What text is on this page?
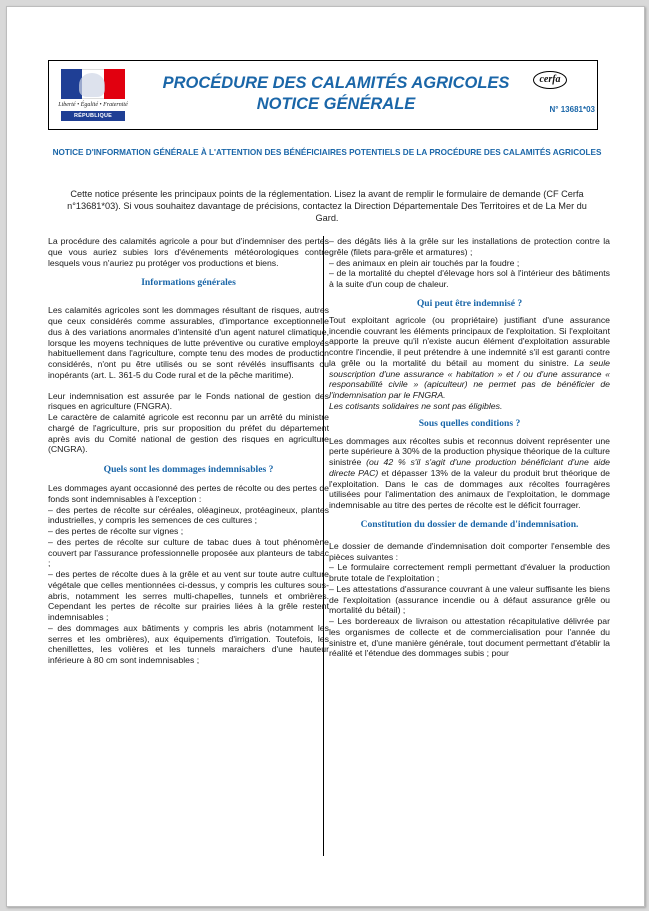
Liberté • Égalité • Fraternité
RÉPUBLIQUE FRANÇAISE
PROCÉDURE DES CALAMITÉS AGRICOLES
NOTICE GÉNÉRALE
cerfa
N° 13681*03
NOTICE D'INFORMATION GÉNÉRALE À L'ATTENTION DES BÉNÉFICIAIRES POTENTIELS DE LA PROCÉDURE DES CALAMITÉS AGRICOLES
Cette notice présente les principaux points de la réglementation. Lisez la avant de remplir le formulaire de demande (CF Cerfa n°13681*03). Si vous souhaitez davantage de précisions, contactez la Direction Départementale Des Territoires et de La Mer du Gard.

La procédure des calamités agricole a pour but d'indemniser des pertes que vous auriez subies lors d'événements météorologiques contre lesquels vous n'auriez pu protéger vos productions et biens.

Informations générales

Les calamités agricoles sont les dommages résultant de risques, autres que ceux considérés comme assurables, d'importance exceptionnelle dus à des variations anormales d'intensité d'un agent naturel climatique, lorsque les moyens techniques de lutte préventive ou curative employés habituellement dans l'agriculture, compte tenu des modes de production considérés, n'ont pu être utilisés ou se sont révélés insuffisants ou inopérants (art. L. 361-5 du Code rural et de la pêche maritime).

Leur indemnisation est assurée par le Fonds national de gestion des risques en agriculture (FNGRA).

Le caractère de calamité agricole est reconnu par un arrêté du ministre chargé de l'agriculture, pris sur proposition du préfet du département après avis du Comité national de gestion des risques en agriculture (CNGRA).

Quels sont les dommages indemnisables ?

Les dommages ayant occasionné des pertes de récolte ou des pertes de fonds sont indemnisables à l'exception :

– des pertes de récolte sur céréales, oléagineux, protéagineux, plantes industrielles, y compris les semences de ces cultures ;

– des pertes de récolte sur vignes ;

– des pertes de récolte sur culture de tabac dues à tout phénomène couvert par l'assurance professionnelle proposée aux planteurs de tabac ;

– des pertes de récolte dues à la grêle et au vent sur toute autre culture végétale que celles mentionnées ci-dessus, y compris les cultures sous-abris, notamment les serres multi-chapelles, tunnels et ombrières. Cependant les pertes de récolte sur prairies liées à la grêle restent indemnisables ;

– des dommages aux bâtiments y compris les abris (notamment les serres et les ombrières), aux équipements d'irrigation. Toutefois, les chenillettes, les volières et les tunnels maraichers d'une hauteur inférieure à 80 cm sont indemnisables ;

– des dégâts liés à la grêle sur les installations de protection contre la grêle (filets para-grêle et armatures) ;

– des animaux en plein air touchés par la foudre ;

– de la mortalité du cheptel d'élevage hors sol à l'intérieur des bâtiments à la suite d'un coup de chaleur.

Qui peut être indemnisé ?

Tout exploitant agricole (ou propriétaire) justifiant d'une assurance incendie couvrant les éléments principaux de l'exploitation. Si l'exploitant apporte la preuve qu'il n'existe aucun élément d'exploitation assurable contre l'incendie, il peut prétendre à une indemnité s'il est garanti contre la grêle ou la mortalité du bétail au moment du sinistre. La seule souscription d'une assurance « habitation » et / ou d'une assurance « responsabilité civile » (apiculteur) ne permet pas de bénéficier de l'indemnisation par le FNGRA.

Les cotisants solidaires ne sont pas éligibles.

Sous quelles conditions ?

Les dommages aux récoltes subis et reconnus doivent représenter une perte supérieure à 30% de la production physique théorique de la culture sinistrée (ou 42 % s'il s'agit d'une production bénéficiant d'une aide directe PAC) et dépasser 13% de la valeur du produit brut théorique de l'exploitation. Dans le cas de dommages aux récoltes fourragères utilisées pour l'alimentation des animaux de l'exploitation, le dommage indemnisable au titre des pertes de récolte est le déficit fourrager.

Constitution du dossier de demande d'indemnisation.

Le dossier de demande d'indemnisation doit comporter l'ensemble des pièces suivantes :

– Le formulaire correctement rempli permettant d'évaluer la production brute totale de l'exploitation ;

– Les attestations d'assurance couvrant à une valeur suffisante les biens de l'exploitation (assurance incendie ou à défaut assurance grêle ou mortalité du bétail) ;

– Les bordereaux de livraison ou attestation récapitulative délivrée par les organismes de collecte et de commercialisation pour l'année du sinistre et, d'une manière générale, tout document permettant d'établir la réalité et l'étendue des dommages subis ; pour
